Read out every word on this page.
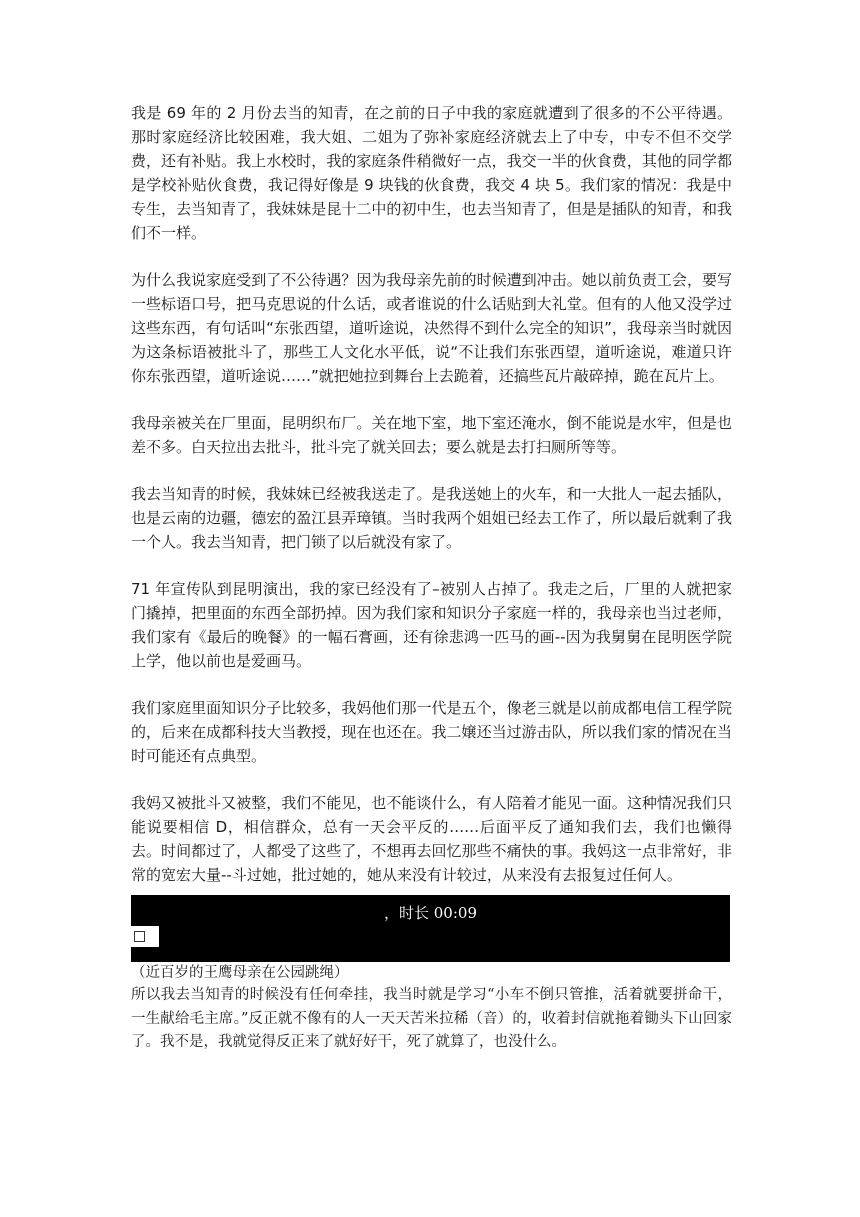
我是 69 年的 2 月份去当的知青，在之前的日子中我的家庭就遭到了很多的不公平待遇。那时家庭经济比较困难，我大姐、二姐为了弥补家庭经济就去上了中专，中专不但不交学费，还有补贴。我上水校时，我的家庭条件稍微好一点，我交一半的伙食费，其他的同学都是学校补贴伙食费，我记得好像是 9 块钱的伙食费，我交 4 块 5。我们家的情况：我是中专生，去当知青了，我妹妹是昆十二中的初中生，也去当知青了，但是是插队的知青，和我们不一样。

为什么我说家庭受到了不公待遇？因为我母亲先前的时候遭到冲击。她以前负责工会，要写一些标语口号，把马克思说的什么话，或者谁说的什么话贴到大礼堂。但有的人他又没学过这些东西，有句话叫“东张西望，道听途说，决然得不到什么完全的知识”，我母亲当时就因为这条标语被批斗了，那些工人文化水平低，说“不让我们东张西望，道听途说，难道只许你东张西望，道听途说……”就把她拉到舞台上去跪着，还搞些瓦片敲碎掉，跪在瓦片上。

我母亲被关在厂里面，昆明织布厂。关在地下室，地下室还淹水，倒不能说是水牢，但是也差不多。白天拉出去批斗，批斗完了就关回去；要么就是去打扫厕所等等。

我去当知青的时候，我妹妹已经被我送走了。是我送她上的火车，和一大批人一起去插队，也是云南的边疆，德宏的盈江县弄璋镇。当时我两个姐姐已经去工作了，所以最后就剩了我一个人。我去当知青，把门锁了以后就没有家了。

71 年宣传队到昆明演出，我的家已经没有了–被别人占掉了。我走之后，厂里的人就把家门撬掉，把里面的东西全部扔掉。因为我们家和知识分子家庭一样的，我母亲也当过老师，我们家有《最后的晚餐》的一幅石膏画，还有徐悲鸿一匹马的画--因为我舅舅在昆明医学院上学，他以前也是爱画马。

我们家庭里面知识分子比较多，我妈他们那一代是五个，像老三就是以前成都电信工程学院的，后来在成都科技大当教授，现在也还在。我二嬢还当过游击队，所以我们家的情况在当时可能还有点典型。

我妈又被批斗又被整，我们不能见，也不能谈什么，有人陪着才能见一面。这种情况我们只能说要相信 D，相信群众，总有一天会平反的……后面平反了通知我们去，我们也懒得去。时间都过了，人都受了这些了，不想再去回忆那些不痛快的事。我妈这一点非常好，非常的宽宏大量--斗过她，批过她的，她从来没有计较过，从来没有去报复过任何人。

，时长 00:09
（近百岁的王鹰母亲在公园跳绳）

所以我去当知青的时候没有任何牵挂，我当时就是学习“小车不倒只管推，活着就要拼命干，一生献给毛主席。”反正就不像有的人一天天苦米拉稀（音）的，收着封信就拖着锄头下山回家了。我不是，我就觉得反正来了就好好干，死了就算了，也没什么。
